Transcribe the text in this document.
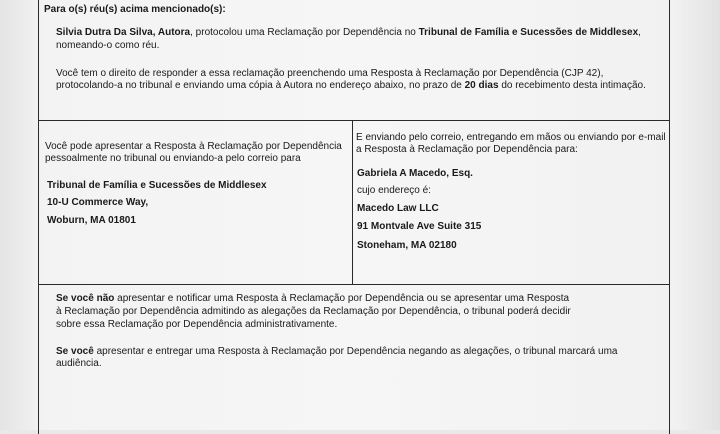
Para o(s) réu(s) acima mencionado(s):
Silvia Dutra Da Silva, Autora, protocolou uma Reclamação por Dependência no Tribunal de Família e Sucessões de Middlesex,
nomeando-o como réu.
Você tem o direito de responder a essa reclamação preenchendo uma Resposta à Reclamação por Dependência (CJP 42),
protocolando-a no tribunal e enviando uma cópia à Autora no endereço abaixo, no prazo de 20 dias do recebimento desta intimação.
Você pode apresentar a Resposta à Reclamação por Dependência
pessoalmente no tribunal ou enviando-a pelo correio para
Tribunal de Família e Sucessões de Middlesex
10-U Commerce Way,
Woburn, MA 01801
E enviando pelo correio, entregando em mãos ou enviando por e-mail
a Resposta à Reclamação por Dependência para:
Gabriela A Macedo, Esq.
cujo endereço é:
Macedo Law LLC
91 Montvale Ave Suite 315
Stoneham, MA 02180
Se você não apresentar e notificar uma Resposta à Reclamação por Dependência ou se apresentar uma Resposta
à Reclamação por Dependência admitindo as alegações da Reclamação por Dependência, o tribunal poderá decidir
sobre essa Reclamação por Dependência administrativamente.
Se você apresentar e entregar uma Resposta à Reclamação por Dependência negando as alegações, o tribunal marcará uma
audiência.
